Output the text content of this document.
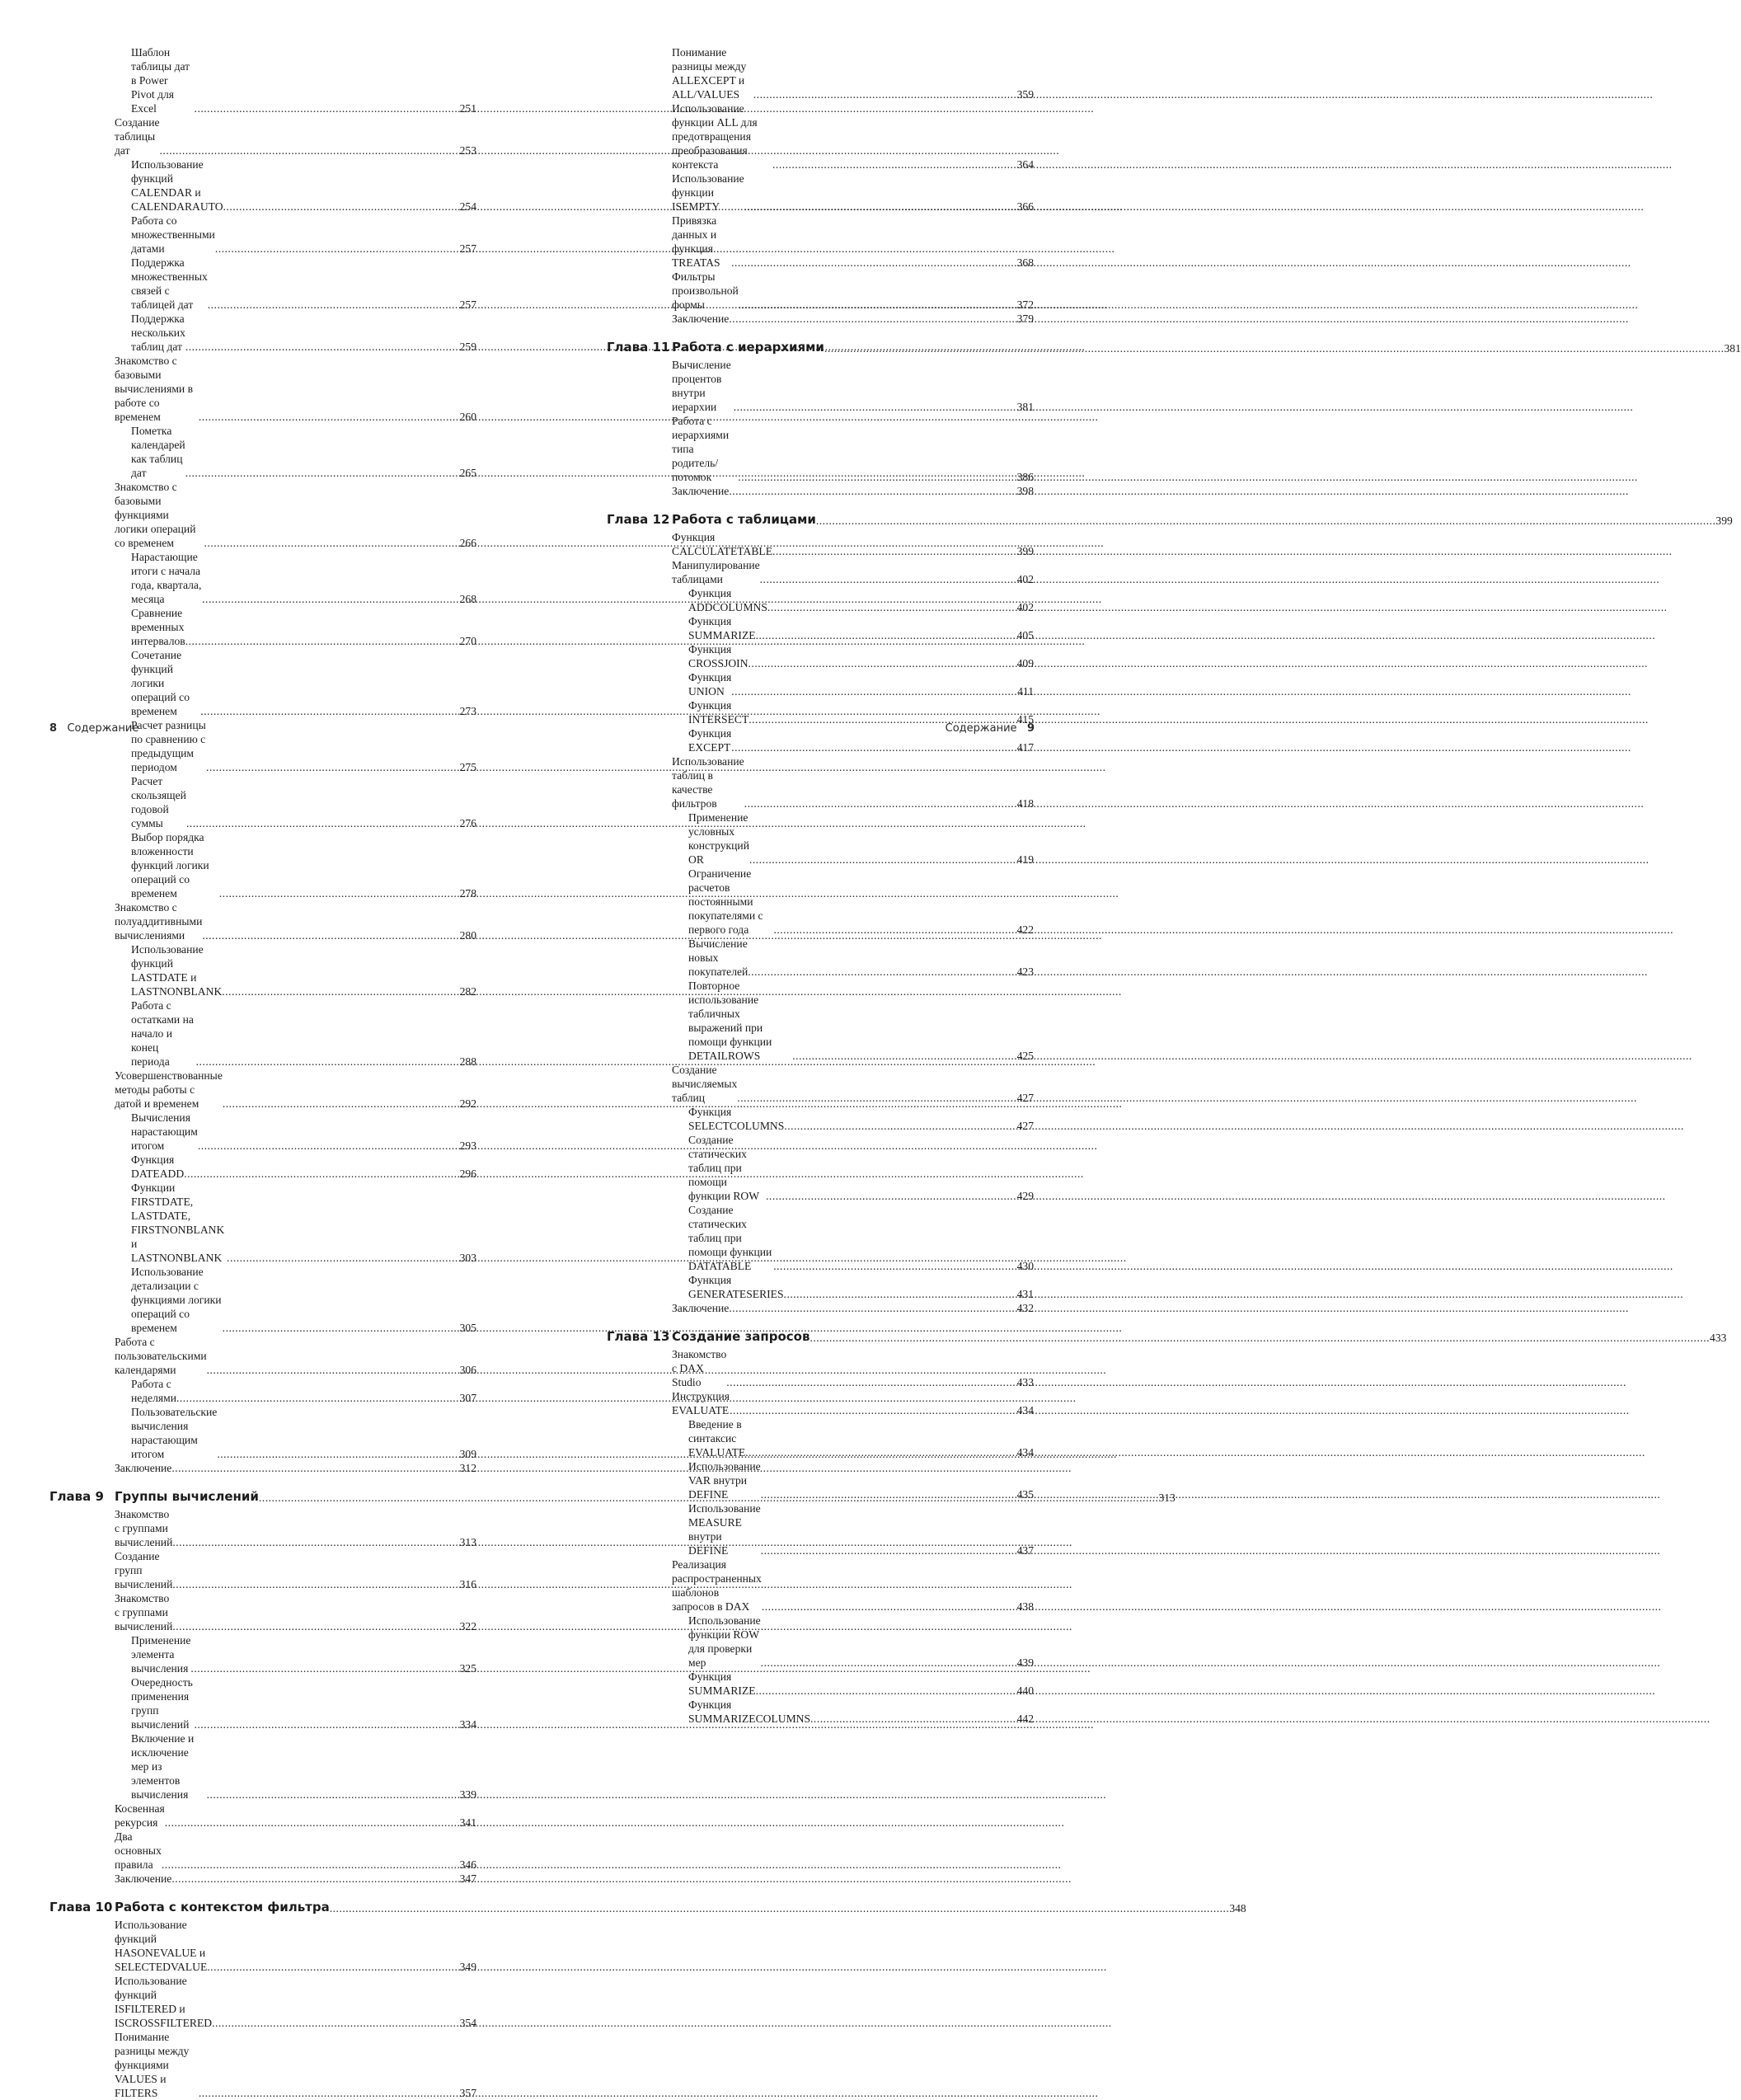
Шаблон таблицы дат в Power Pivot для Excel .....	251
Создание таблицы дат .....	253
Использование функций CALENDAR и CALENDARAUTO .....	254
Работа со множественными датами .....	257
Поддержка множественных связей с таблицей дат .....	257
Поддержка нескольких таблиц дат .....	259
Знакомство с базовыми вычислениями в работе со временем .....	260
Пометка календарей как таблиц дат .....	265
Знакомство с базовыми функциями логики операций со временем .....	266
Нарастающие итоги с начала года, квартала, месяца .....	268
Сравнение временных интервалов .....	270
Сочетание функций логики операций со временем .....	273
Расчет разницы по сравнению с предыдущим периодом .....	275
Расчет скользящей годовой суммы .....	276
Выбор порядка вложенности функций логики операций со временем .....	278
Знакомство с полуаддитивными вычислениями .....	280
Использование функций LASTDATE и LASTNONBLANK .....	282
Работа с остатками на начало и конец периода .....	288
Усовершенствованные методы работы с датой и временем .....	292
Вычисления нарастающим итогом .....	293
Функция DATEADD .....	296
Функции FIRSTDATE, LASTDATE, FIRSTNONBLANK и LASTNONBLANK .....	303
Использование детализации с функциями логики операций со временем .....	305
Работа с пользовательскими календарями .....	306
Работа с неделями .....	307
Пользовательские вычисления нарастающим итогом .....	309
Заключение .....	312
Глава 9 Группы вычислений .....	313
Знакомство с группами вычислений .....	313
Создание групп вычислений .....	316
Знакомство с группами вычислений .....	322
Применение элемента вычисления .....	325
Очередность применения групп вычислений .....	334
Включение и исключение мер из элементов вычисления .....	339
Косвенная рекурсия .....	341
Два основных правила .....	346
Заключение .....	347
Глава 10 Работа с контекстом фильтра .....	348
Использование функций HASONEVALUE и SELECTEDVALUE .....	349
Использование функций ISFILTERED и ISCROSSFILTERED .....	354
Понимание разницы между функциями VALUES и FILTERS .....	357
Понимание разницы между ALLEXCEPT и ALL/VALUES .....	359
Использование функции ALL для предотвращения преобразования контекста .....	364
Использование функции ISEMPTY .....	366
Привязка данных и функция TREATAS .....	368
Фильтры произвольной формы .....	372
Заключение .....	379
Глава 11 Работа с иерархиями .....	381
Вычисление процентов внутри иерархии .....	381
Работа с иерархиями типа родитель/потомок .....	386
Заключение .....	398
Глава 12 Работа с таблицами .....	399
Функция CALCULATETABLE .....	399
Манипулирование таблицами .....	402
Функция ADDCOLUMNS .....	402
Функция SUMMARIZE .....	405
Функция CROSSJOIN .....	409
Функция UNION .....	411
Функция INTERSECT .....	415
Функция EXCEPT .....	417
Использование таблиц в качестве фильтров .....	418
Применение условных конструкций OR .....	419
Ограничение расчетов постоянными покупателями с первого года .....	422
Вычисление новых покупателей .....	423
Повторное использование табличных выражений при помощи функции DETAILROWS .....	425
Создание вычисляемых таблиц .....	427
Функция SELECTCOLUMNS .....	427
Создание статических таблиц при помощи функции ROW .....	429
Создание статических таблиц при помощи функции DATATABLE .....	430
Функция GENERATESERIES .....	431
Заключение .....	432
Глава 13 Создание запросов .....	433
Знакомство с DAX Studio .....	433
Инструкция EVALUATE .....	434
Введение в синтаксис EVALUATE .....	434
Использование VAR внутри DEFINE .....	435
Использование MEASURE внутри DEFINE .....	437
Реализация распространенных шаблонов запросов в DAX .....	438
Использование функции ROW для проверки мер .....	439
Функция SUMMARIZE .....	440
Функция SUMMARIZECOLUMNS .....	442
8 Содержание	Содержание 9
